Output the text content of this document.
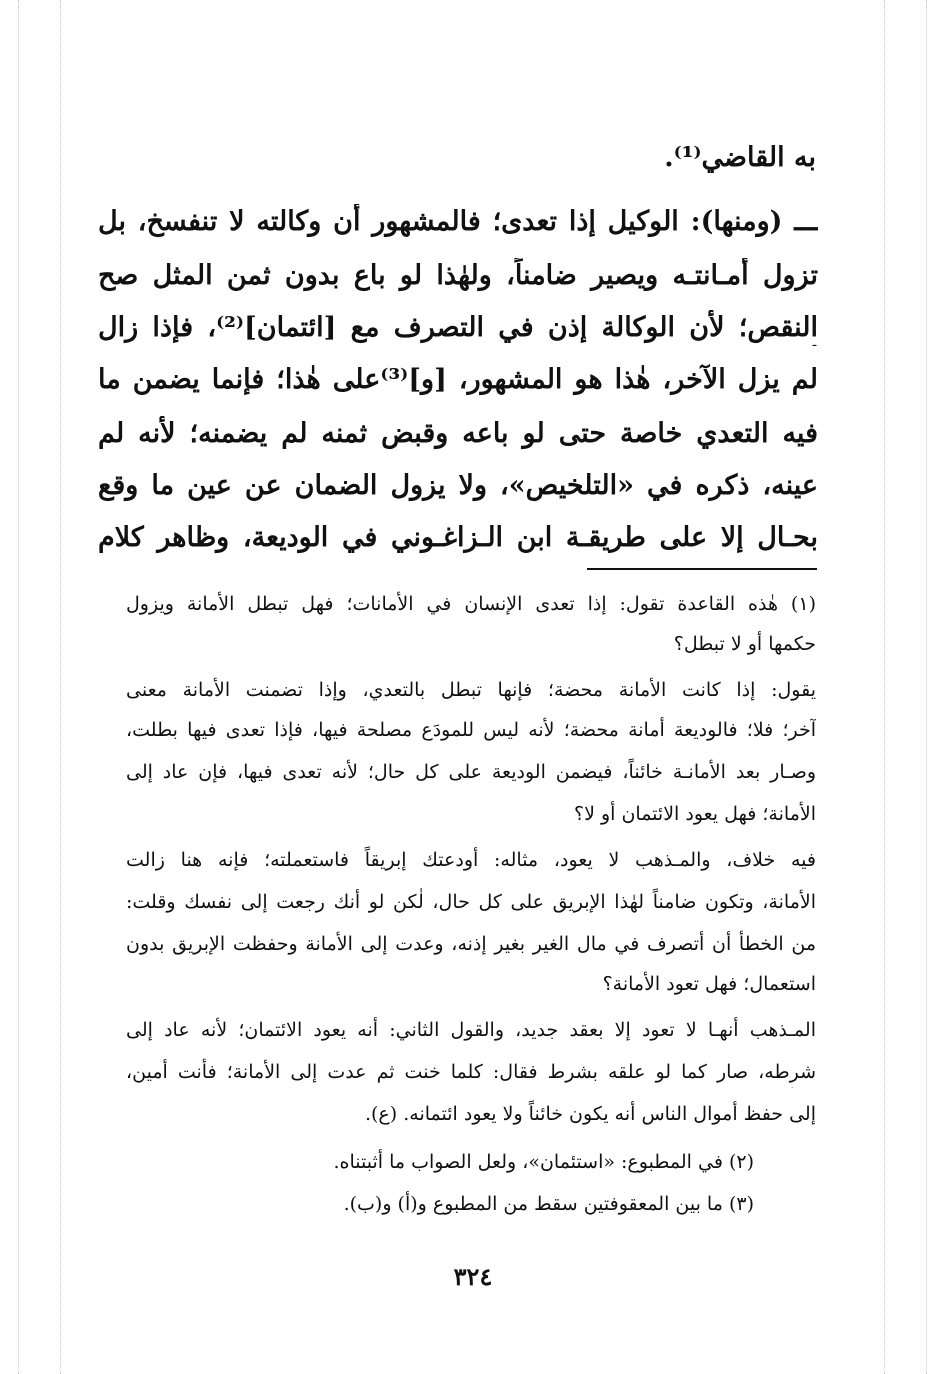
به القاضي⁽¹⁾.
ـــ (ومنها): الوكيل إذا تعدى؛ فالمشهور أن وكالته لا تنفسخ، بل
تزول أمـانتـه ويصير ضامناً، ولهٰذا لو باع بدون ثمن المثل صح
النقص؛ لأن الوكالة إذن في التصرف مع [ائتمان]⁽²⁾، فإذا زال
لم يزل الآخر، هٰذا هو المشهور، [و]⁽³⁾على هٰذا؛ فإنما يضمن ما
فيه التعدي خاصة حتى لو باعه وقبض ثمنه لم يضمنه؛ لأنه لم
عينه، ذكره في «التلخيص»، ولا يزول الضمان عن عين ما وقع
بحـال إلا على طريقـة ابن الـزاغـوني في الوديعة، وظاهر كلام
(١) هٰذه القاعدة تقول: إذا تعدى الإنسان في الأمانات؛ فهل تبطل الأمانة ويزول
حكمها أو لا تبطل؟
يقول: إذا كانت الأمانة محضة؛ فإنها تبطل بالتعدي، وإذا تضمنت الأمانة معنى
آخر؛ فلا؛ فالوديعة أمانة محضة؛ لأنه ليس للمودَع مصلحة فيها، فإذا تعدى فيها بطلت،
وصـار بعد الأمانـة خائناً، فيضمن الوديعة على كل حال؛ لأنه تعدى فيها، فإن عاد إلى
الأمانة؛ فهل يعود الائتمان أو لا؟
فيه خلاف، والمـذهب لا يعود، مثاله: أودعتك إبريقاً فاستعملته؛ فإنه هنا زالت
الأمانة، وتكون ضامناً لهٰذا الإبريق على كل حال، لٰكن لو أنك رجعت إلى نفسك وقلت:
من الخطأ أن أتصرف في مال الغير بغير إذنه، وعدت إلى الأمانة وحفظت الإبريق بدون
استعمال؛ فهل تعود الأمانة؟
المـذهب أنهـا لا تعود إلا بعقد جديد، والقول الثاني: أنه يعود الائتمان؛ لأنه عاد إلى
شرطه، صار كما لو علقه بشرط فقال: كلما خنت ثم عدت إلى الأمانة؛ فأنت أمين،
إلى حفظ أموال الناس أنه يكون خائناً ولا يعود ائتمانه. (ع).
(٢) في المطبوع: «استئمان»، ولعل الصواب ما أثبتناه.
(٣) ما بين المعقوفتين سقط من المطبوع و(أ) و(ب).
٣٢٤
